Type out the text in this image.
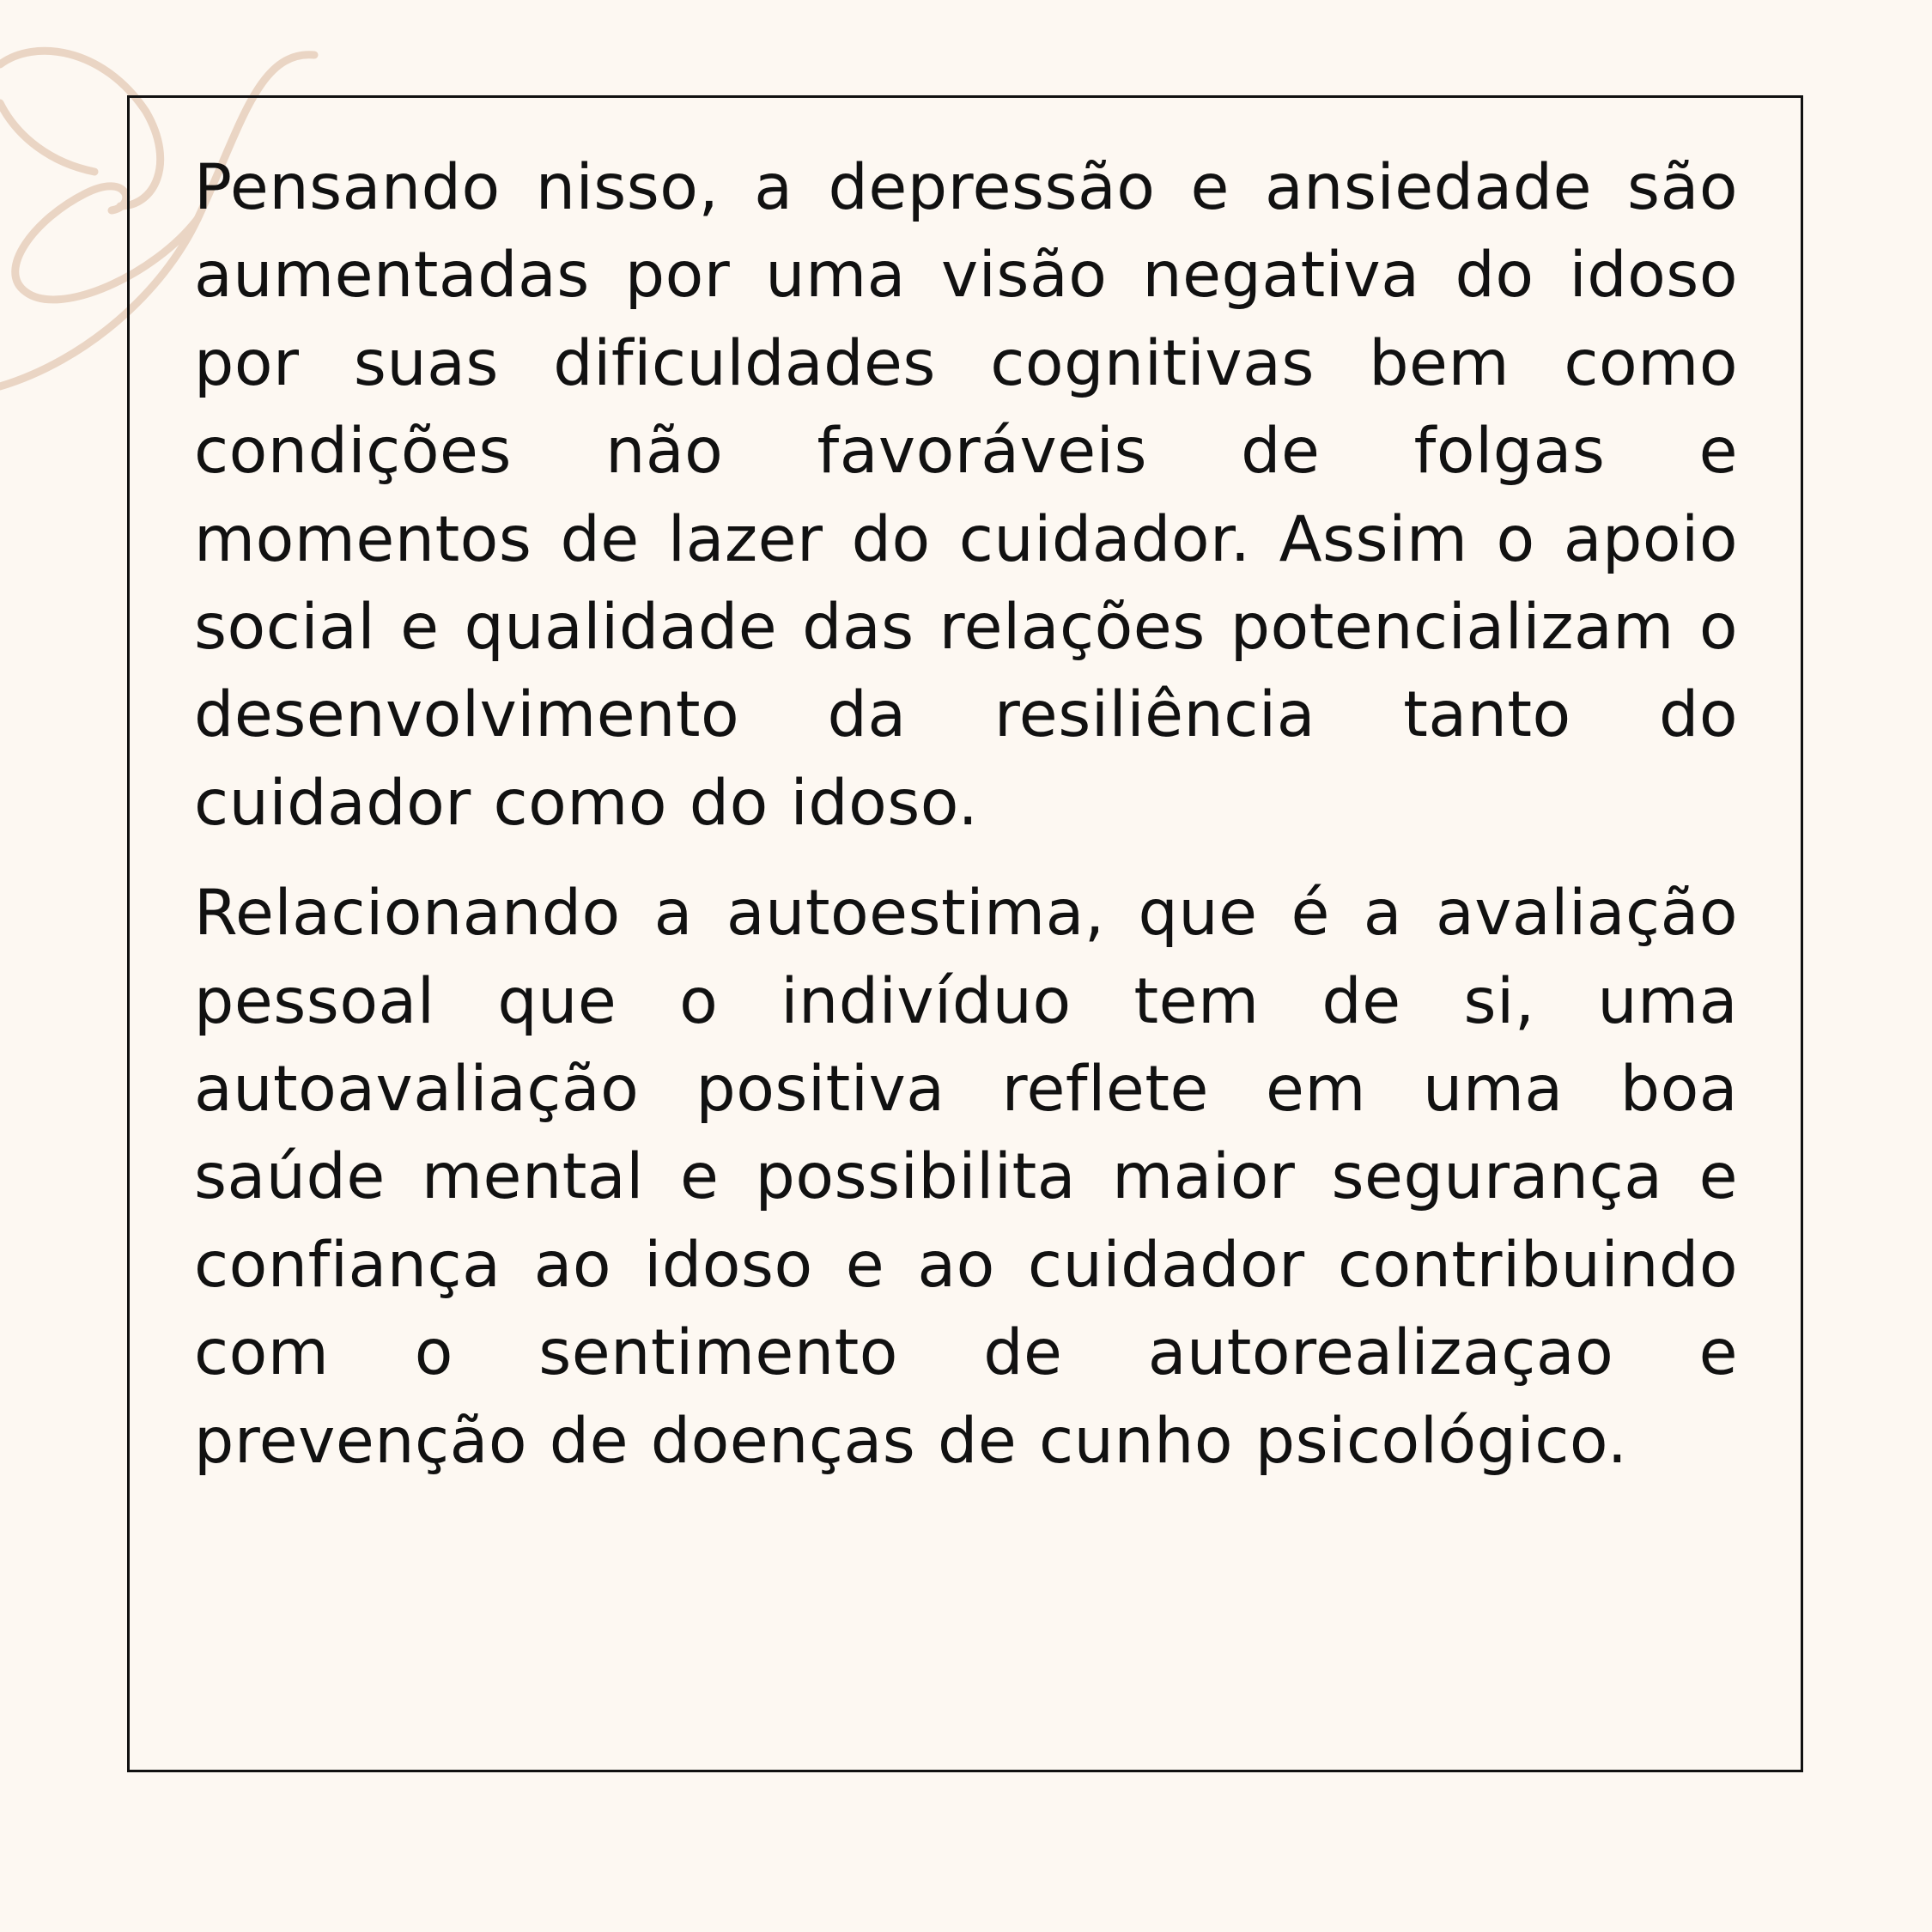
Pensando nisso, a depressão e ansiedade são aumentadas por uma visão negativa do idoso por suas dificuldades cognitivas bem como condições não favoráveis de folgas e momentos de lazer do cuidador. Assim o apoio social e qualidade das relações potencializam o desenvolvimento da resiliência tanto do cuidador como do idoso.

Relacionando a autoestima, que é a avaliação pessoal que o indivíduo tem de si, uma autoavaliação positiva reflete em uma boa saúde mental e possibilita maior segurança e confiança ao idoso e ao cuidador contribuindo com o sentimento de autorealizaçao e prevenção de doenças de cunho psicológico.
